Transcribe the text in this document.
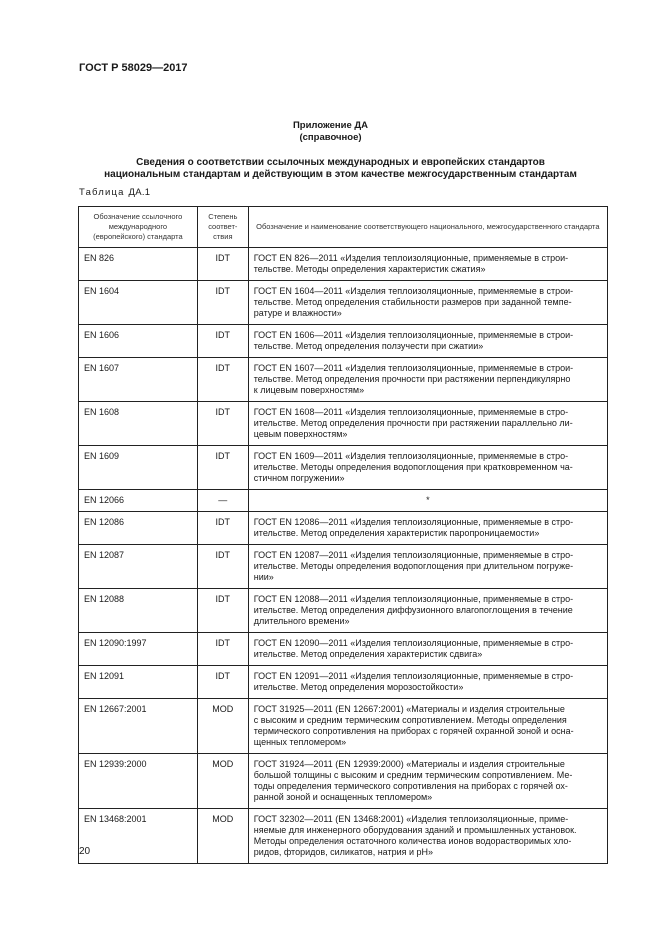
ГОСТ Р 58029—2017
Приложение ДА
(справочное)
Сведения о соответствии ссылочных международных и европейских стандартов
национальным стандартам и действующим в этом качестве межгосударственным стандартам
Таблица ДА.1
Обозначение ссылочного международного (европейского) стандарта	Степень соответ-ствия	Обозначение и наименование соответствующего национального, межгосударственного стандарта
EN 826	IDT	ГОСТ EN 826—2011 «Изделия теплоизоляционные, применяемые в строи-
тельстве. Методы определения характеристик сжатия»
EN 1604	IDT	ГОСТ EN 1604—2011 «Изделия теплоизоляционные, применяемые в строи-
тельстве. Метод определения стабильности размеров при заданной темпе-
ратуре и влажности»
EN 1606	IDT	ГОСТ EN 1606—2011 «Изделия теплоизоляционные, применяемые в строи-
тельстве. Метод определения ползучести при сжатии»
EN 1607	IDT	ГОСТ EN 1607—2011 «Изделия теплоизоляционные, применяемые в строи-
тельстве. Метод определения прочности при растяжении перпендикулярно
к лицевым поверхностям»
EN 1608	IDT	ГОСТ EN 1608—2011 «Изделия теплоизоляционные, применяемые в стро-
ительстве. Метод определения прочности при растяжении параллельно ли-
цевым поверхностям»
EN 1609	IDT	ГОСТ EN 1609—2011 «Изделия теплоизоляционные, применяемые в стро-
ительстве. Методы определения водопоглощения при кратковременном ча-
стичном погружении»
EN 12066	—	*
EN 12086	IDT	ГОСТ EN 12086—2011 «Изделия теплоизоляционные, применяемые в стро-
ительстве. Метод определения характеристик паропроницаемости»
EN 12087	IDT	ГОСТ EN 12087—2011 «Изделия теплоизоляционные, применяемые в стро-
ительстве. Методы определения водопоглощения при длительном погруже-
нии»
EN 12088	IDT	ГОСТ EN 12088—2011 «Изделия теплоизоляционные, применяемые в стро-
ительстве. Метод определения диффузионного влагопоглощения в течение
длительного времени»
EN 12090:1997	IDT	ГОСТ EN 12090—2011 «Изделия теплоизоляционные, применяемые в стро-
ительстве. Метод определения характеристик сдвига»
EN 12091	IDT	ГОСТ EN 12091—2011 «Изделия теплоизоляционные, применяемые в стро-
ительстве. Метод определения морозостойкости»
EN 12667:2001	MOD	ГОСТ 31925—2011 (EN 12667:2001) «Материалы и изделия строительные
с высоким и средним термическим сопротивлением. Методы определения
термического сопротивления на приборах с горячей охранной зоной и осна-
щенных тепломером»
EN 12939:2000	MOD	ГОСТ 31924—2011 (EN 12939:2000) «Материалы и изделия строительные
большой толщины с высоким и средним термическим сопротивлением. Ме-
тоды определения термического сопротивления на приборах с горячей ох-
ранной зоной и оснащенных тепломером»
EN 13468:2001	MOD	ГОСТ 32302—2011 (EN 13468:2001) «Изделия теплоизоляционные, приме-
няемые для инженерного оборудования зданий и промышленных установок.
Методы определения остаточного количества ионов водорастворимых хло-
ридов, фторидов, силикатов, натрия и pH»
20
